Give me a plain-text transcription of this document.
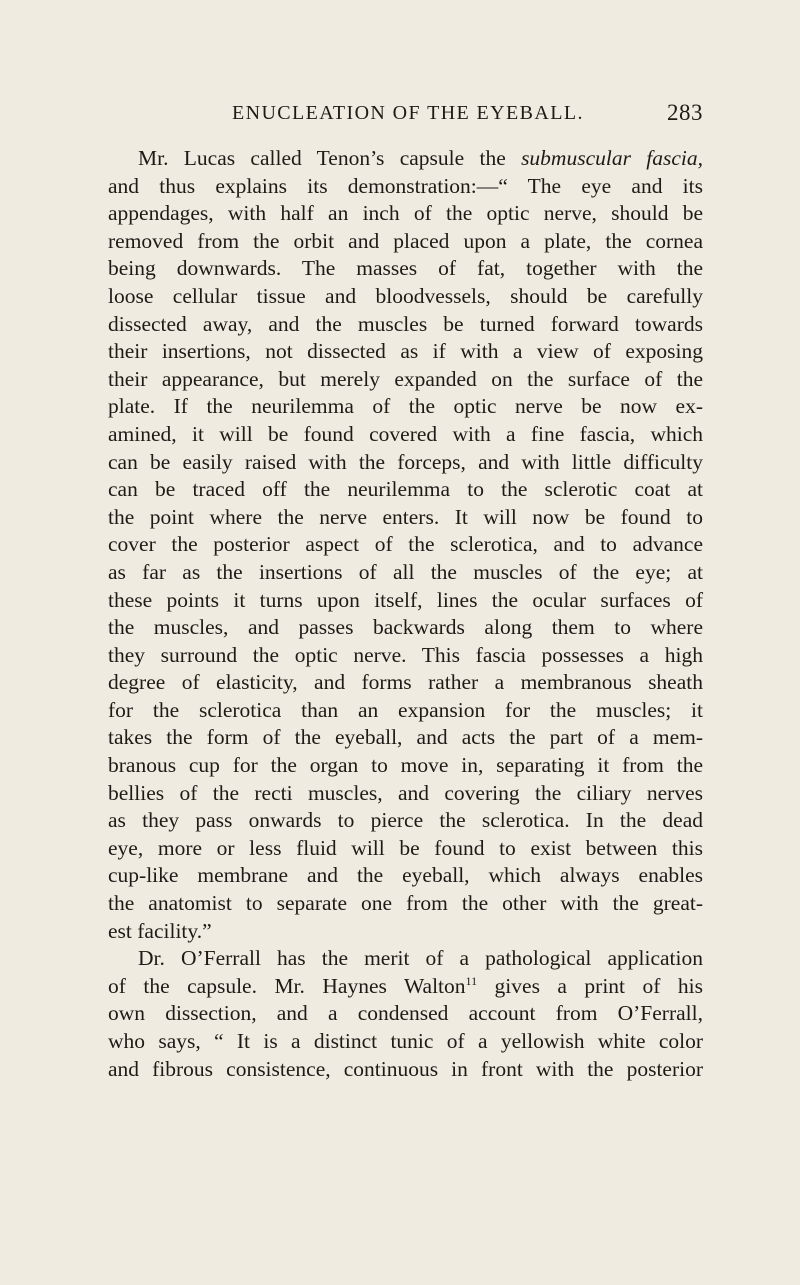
ENUCLEATION OF THE EYEBALL.	283
Mr. Lucas called Tenon’s capsule the submuscular fascia,
and thus explains its demonstration:—“ The eye and its
appendages, with half an inch of the optic nerve, should be
removed from the orbit and placed upon a plate, the cornea
being downwards. The masses of fat, together with the
loose cellular tissue and bloodvessels, should be carefully
dissected away, and the muscles be turned forward towards
their insertions, not dissected as if with a view of exposing
their appearance, but merely expanded on the surface of the
plate. If the neurilemma of the optic nerve be now ex-
amined, it will be found covered with a fine fascia, which
can be easily raised with the forceps, and with little difficulty
can be traced off the neurilemma to the sclerotic coat at
the point where the nerve enters. It will now be found to
cover the posterior aspect of the sclerotica, and to advance
as far as the insertions of all the muscles of the eye; at
these points it turns upon itself, lines the ocular surfaces of
the muscles, and passes backwards along them to where
they surround the optic nerve. This fascia possesses a high
degree of elasticity, and forms rather a membranous sheath
for the sclerotica than an expansion for the muscles; it
takes the form of the eyeball, and acts the part of a mem-
branous cup for the organ to move in, separating it from the
bellies of the recti muscles, and covering the ciliary nerves
as they pass onwards to pierce the sclerotica. In the dead
eye, more or less fluid will be found to exist between this
cup-like membrane and the eyeball, which always enables
the anatomist to separate one from the other with the great-
est facility.”
Dr. O’Ferrall has the merit of a pathological application
of the capsule. Mr. Haynes Walton$^{11}$ gives a print of his
own dissection, and a condensed account from O’Ferrall,
who says, “ It is a distinct tunic of a yellowish white color
and fibrous consistence, continuous in front with the posterior
